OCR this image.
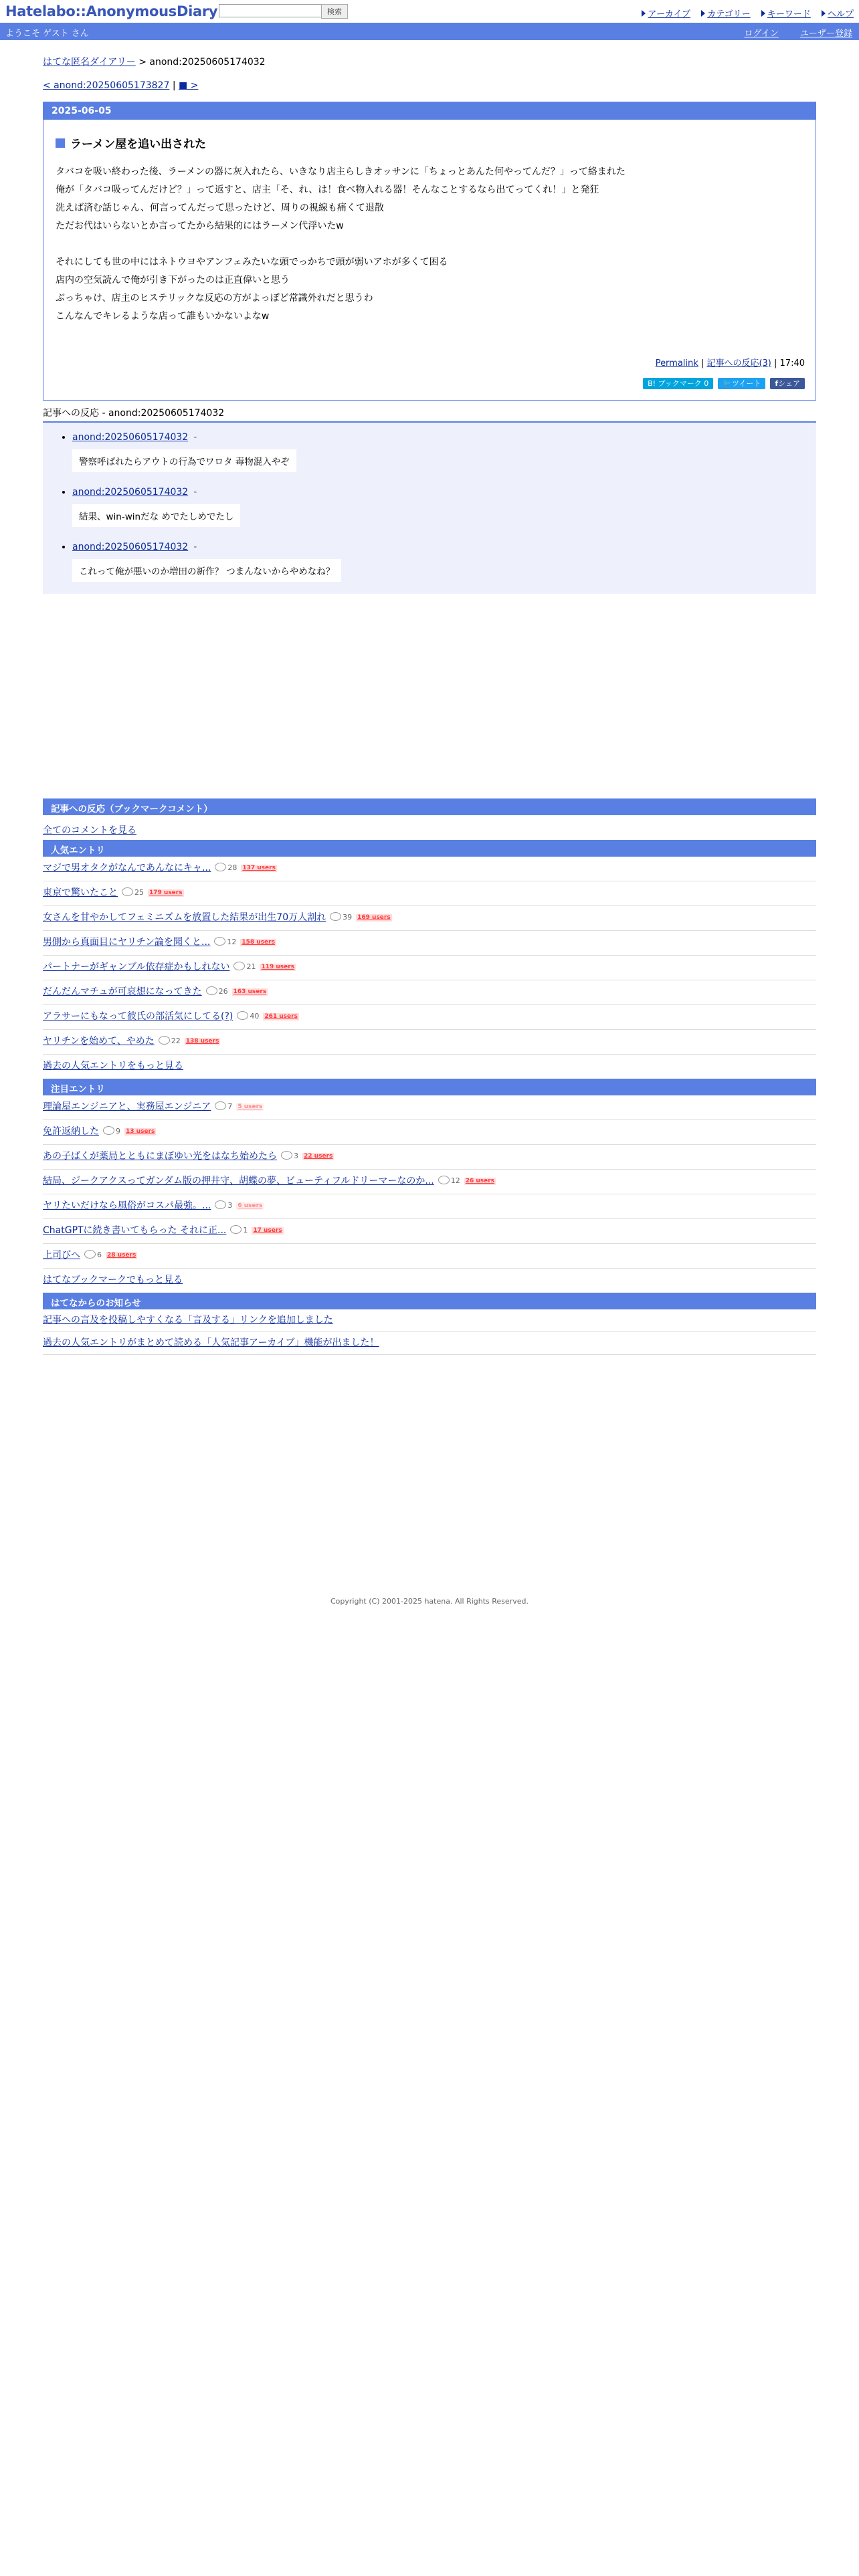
Hatelabo::AnonymousDiary	検索	アーカイブ カテゴリー キーワード ヘルプ
ようこそ ゲスト さん	ログイン ユーザー登録
はてな匿名ダイアリー > anond:20250605174032
< anond:20250605173827 | ■ >
2025-06-05
ラーメン屋を追い出された
タバコを吸い終わった後、ラーメンの器に灰入れたら、いきなり店主らしきオッサンに「ちょっとあんた何やってんだ？」って絡まれた
俺が「タバコ吸ってんだけど？」って返すと、店主「そ、れ、は！食べ物入れる器！そんなことするなら出てってくれ！」と発狂
洗えば済む話じゃん、何言ってんだって思ったけど、周りの視線も痛くて退散
ただお代はいらないとか言ってたから結果的にはラーメン代浮いたw
それにしても世の中にはネトウヨやアンフェみたいな頭でっかちで頭が弱いアホが多くて困る
店内の空気読んで俺が引き下がったのは正直偉いと思う
ぶっちゃけ、店主のヒステリックな反応の方がよっぽど常識外れだと思うわ
こんなんでキレるような店って誰もいかないよなw
Permalink | 記事への反応(3) | 17:40
B! ブックマーク 0 🐦ツイート fシェア
記事への反応 - anond:20250605174032
• anond:20250605174032 -
警察呼ばれたらアウトの行為でワロタ 毒物混入やぞ
• anond:20250605174032 -
結果、win-winだな めでたしめでたし
• anond:20250605174032 -
これって俺が悪いのか増田の新作？ つまんないからやめなね？
記事への反応（ブックマークコメント）
全てのコメントを見る
人気エントリ
マジで男オタクがなんであんなにキャ... 28 137 users
東京で驚いたこと 25 179 users
女さんを甘やかしてフェミニズムを放置した結果が出生70万人割れ 39 169 users
男側から真面目にヤリチン論を聞くと... 12 158 users
パートナーがギャンブル依存症かもしれない 21 119 users
だんだんマチュが可哀想になってきた 26 163 users
アラサーにもなって彼氏の部活気にしてる(?) 40 261 users
ヤリチンを始めて、やめた 22 138 users
過去の人気エントリをもっと見る
注目エントリ
理論屋エンジニアと、実務屋エンジニア 7 5 users
免許返納した 9 13 users
あの子ばくが薬局とともにまぼゆい光をはなち始めたら 3 22 users
結局、ジークアクスってガンダム版の押井守、胡蝶の夢、ビューティフルドリーマーなのか... 12 26 users
ヤリたいだけなら風俗がコスパ最強。... 3 6 users
ChatGPTに続き書いてもらった それに正... 1 17 users
上司びへ 6 28 users
はてなブックマークでもっと見る
はてなからのお知らせ
記事への言及を投稿しやすくなる「言及する」リンクを追加しました
過去の人気エントリがまとめて読める「人気記事アーカイブ」機能が出ました！
Copyright (C) 2001-2025 hatena. All Rights Reserved.
